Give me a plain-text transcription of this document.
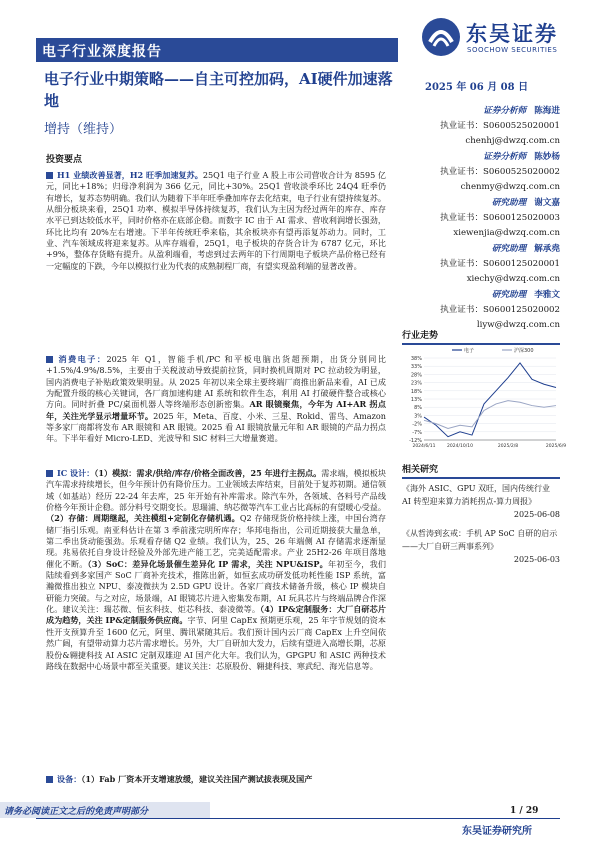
电子行业深度报告
东吴证券
SOOCHOW SECURITIES
电子行业中期策略——自主可控加码，AI硬件加速落地
增持（维持）
2025 年 06 月 08 日
证券分析师 陈海进
执业证书：S0600525020001
chenhj@dwzq.com.cn
证券分析师 陈妙杨
执业证书：S0600525020002
chenmy@dwzq.com.cn
研究助理 谢文嘉
执业证书：S0600125020003
xiewenjia@dwzq.com.cn
研究助理 解承堯
执业证书：S0600125020001
xiechy@dwzq.com.cn
研究助理 李雅文
执业证书：S0600125020002
liyw@dwzq.com.cn
投资要点

H1 业绩改善显著，H2 旺季加速复苏。25Q1 电子行业 A 股上市公司营收合计为 8595 亿元，同比+18%；归母净利润为 366 亿元，同比+30%。25Q1 营收淡季环比 24Q4 旺季仍有增长，复苏态势明确。我们认为随着下半年旺季叠加库存去化结束，电子行业有望持续复苏。从细分板块来看，25Q1 功率、模拟半导体持续复苏，我们认为主因为经过两年的库存、库存水平已到达较低水平，同时价格亦在底部企稳。而数字 IC 由于 AI 需求、营收利润增长强劲，环比比均有 20%左右增速。下半年传统旺季来临，其余板块亦有望再添复苏动力。同时，工业、汽车领域成将迎来复苏。从库存端看，25Q1，电子板块的存货合计为 6787 亿元，环比+9%，整体存货略有提升。从盈利端看，考虑到过去两年的下行周期电子板块产品价格已经有一定幅度的下跌，今年以模拟行业为代表的成熟制程厂商，有望实现盈利端的显著改善。

消费电子：2025 年 Q1，智能手机/PC 和平板电脑出货超预期，出货分别同比+1.5%/4.9%/8.5%，主要由于关税波动导致提前拉货，同时换机周期对 PC 拉动较为明显，国内消费电子补贴政策效果明显。从 2025 年初以来全球主要终端厂商推出新品来看，AI 已成为配置升级的核心关键词，各厂商加速构建 AI 系统和软件生态，利用 AI 打破硬件整合或核心方向。同时折叠 PC/桌面机器人等终端形态创新密集。AR 眼镜聚焦，今年为 AI+AR 拐点年，关注光学显示增量环节。2025 年，Meta、百度、小米、三星、Rokid、雷鸟、Amazon 等多家厂商都将发布 AR 眼镜和 AR 眼镜。2025 看 AI 眼镜放量元年和 AR 眼镜的产品力拐点年。下半年看好 Micro-LED、光波导和 SiC 材料三大增量赛道。

IC 设计：（1）模拟：需求/供给/库存/价格全面改善，25 年进行主拐点。需求端，模拟板块汽车需求持续增长，但今年预计仍有降价压力。工业领域去库结束，目前处于复苏初期。通信领域（如基站）经历 22-24 年去库，25 年开始有补库需求。除汽车外，各领域、各料号产品线价格今年预计企稳。部分料号交期变长。思瑞浦、纳芯微等汽车工业占比高标的有望暖心受益。（2）存储：周期继起，关注模组+定制化存储机遇。Q2 存储现货价格持续上涨，中国台湾存储厂指引乐观。南亚科估计在第 3 季前涨完明所库存；华邦电指出，公司近期接获大量急单，第二季出货动能强劲。乐观看存储 Q2 业绩。我们认为，25、26 年端侧 AI 存储需求逐渐显现。兆易依托自身设计经验及外部先进产能工艺，完美适配需求。产业 25H2-26 年项目落地催化不断。（3）SoC：差异化场景催生差异化 IP 需求，关注 NPU&ISP。年初至今，我们陆续看到多家国产 SoC 厂商补充技术，推陈出新，如恒玄成功研发低功耗性能 ISP 系统，富瀚微推出独立 NPU、泰凌微扶为 2.5D GPU 设计。各家厂商技术储备升级，核心 IP 模块自研能力突破。与之对应，场景端，AI 眼镜芯片进入密集发布期，AI 玩具芯片与终端品牌合作深化。建议关注：瑞芯微、恒玄科技、炬芯科技、泰凌微等。（4）IP&定制服务：大厂自研芯片成为趋势，关注 IP&定制服务供应商。字节、阿里 CapEx 预期更乐观，25 年字节规划的资本性开支预算升至 1600 亿元，阿里、腾讯紧随其后。我们预计国内云厂商 CapEx 上升空间依然广阔，有望带动算力芯片需求增长。另外，大厂自研加大发力，后续有望进入高增长期，芯原股份&翱捷科技 AI ASIC 定制双雄迎 AI 国产化大年。我们认为，GPGPU 和 ASIC 两种技术路线在数据中心场景中都至关重要。建议关注：芯原股份、翱捷科技、寒武纪、海光信息等。

设备：（1）Fab 厂资本开支增速放缓，建议关注国产测试拔表现及国产

行业走势
38%
33%
28%
23%
18%
13%
8%
3%
-2%
-7%
-12%
2024/6/11	2024/10/10	2025/2/8	2025/6/9
电子	沪深300
相关研究
《海外 ASIC、GPU 双旺，国内传统行业 AI 转型迎来算力消耗拐点-算力周报》
2025-06-08
《从哲涛到玄戒：手机 AP SoC 自研的启示——大厂自研三两事系列》
2025-06-03
1 / 29
请务必阅读正文之后的免责声明部分
东吴证券研究所
